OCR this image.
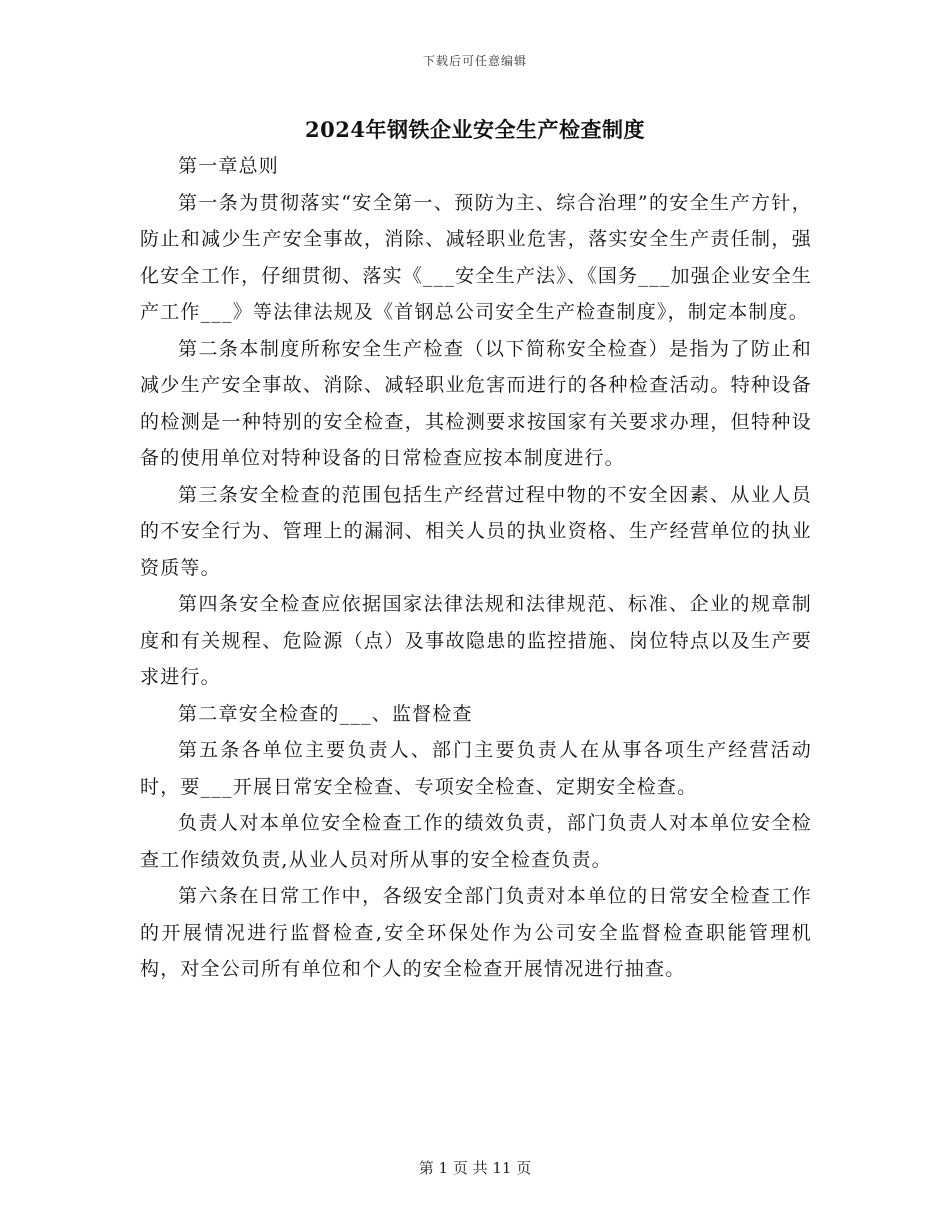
下载后可任意编辑
2024年钢铁企业安全生产检查制度

第一章总则

第一条为贯彻落实“安全第一、预防为主、综合治理”的安全生产方针，防止和减少生产安全事故，消除、减轻职业危害，落实安全生产责任制，强化安全工作，仔细贯彻、落实《___安全生产法》、《国务___加强企业安全生产工作___》等法律法规及《首钢总公司安全生产检查制度》，制定本制度。

第二条本制度所称安全生产检查（以下简称安全检查）是指为了防止和减少生产安全事故、消除、减轻职业危害而进行的各种检查活动。特种设备的检测是一种特别的安全检查，其检测要求按国家有关要求办理，但特种设备的使用单位对特种设备的日常检查应按本制度进行。

第三条安全检查的范围包括生产经营过程中物的不安全因素、从业人员的不安全行为、管理上的漏洞、相关人员的执业资格、生产经营单位的执业资质等。

第四条安全检查应依据国家法律法规和法律规范、标准、企业的规章制度和有关规程、危险源（点）及事故隐患的监控措施、岗位特点以及生产要求进行。

第二章安全检查的___、监督检查

第五条各单位主要负责人、部门主要负责人在从事各项生产经营活动时，要___开展日常安全检查、专项安全检查、定期安全检查。

负责人对本单位安全检查工作的绩效负责，部门负责人对本单位安全检查工作绩效负责,从业人员对所从事的安全检查负责。

第六条在日常工作中，各级安全部门负责对本单位的日常安全检查工作的开展情况进行监督检查,安全环保处作为公司安全监督检查职能管理机构，对全公司所有单位和个人的安全检查开展情况进行抽查。

第 1 页 共 11 页
